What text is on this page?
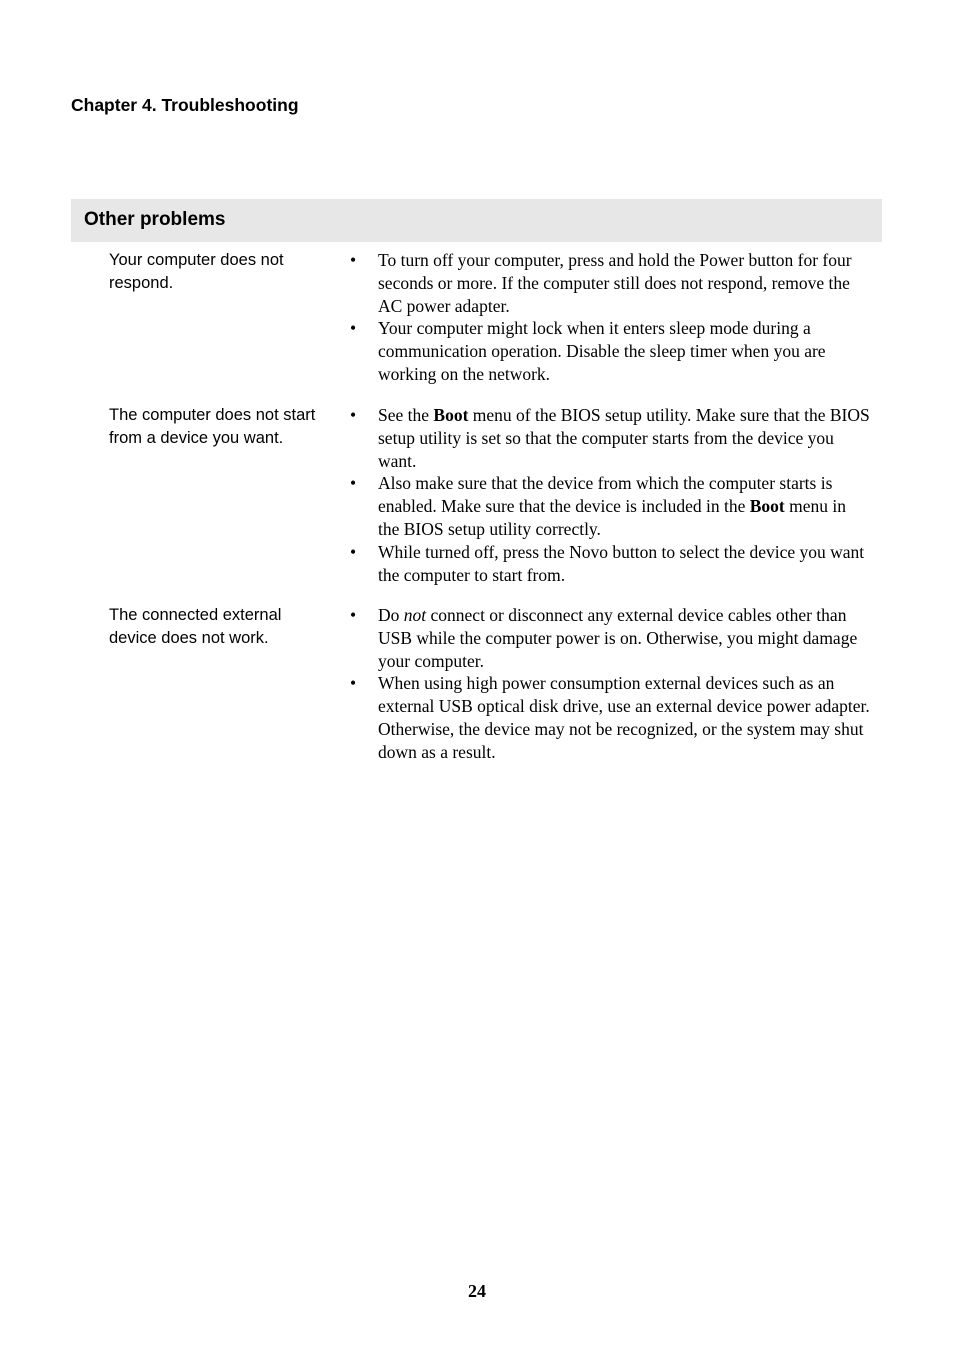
Chapter 4. Troubleshooting
Other problems
Your computer does not respond.
• To turn off your computer, press and hold the Power button for four seconds or more. If the computer still does not respond, remove the AC power adapter.
• Your computer might lock when it enters sleep mode during a communication operation. Disable the sleep timer when you are working on the network.
The computer does not start from a device you want.
• See the Boot menu of the BIOS setup utility. Make sure that the BIOS setup utility is set so that the computer starts from the device you want.
• Also make sure that the device from which the computer starts is enabled. Make sure that the device is included in the Boot menu in the BIOS setup utility correctly.
• While turned off, press the Novo button to select the device you want the computer to start from.
The connected external device does not work.
• Do not connect or disconnect any external device cables other than USB while the computer power is on. Otherwise, you might damage your computer.
• When using high power consumption external devices such as an external USB optical disk drive, use an external device power adapter. Otherwise, the device may not be recognized, or the system may shut down as a result.
24
